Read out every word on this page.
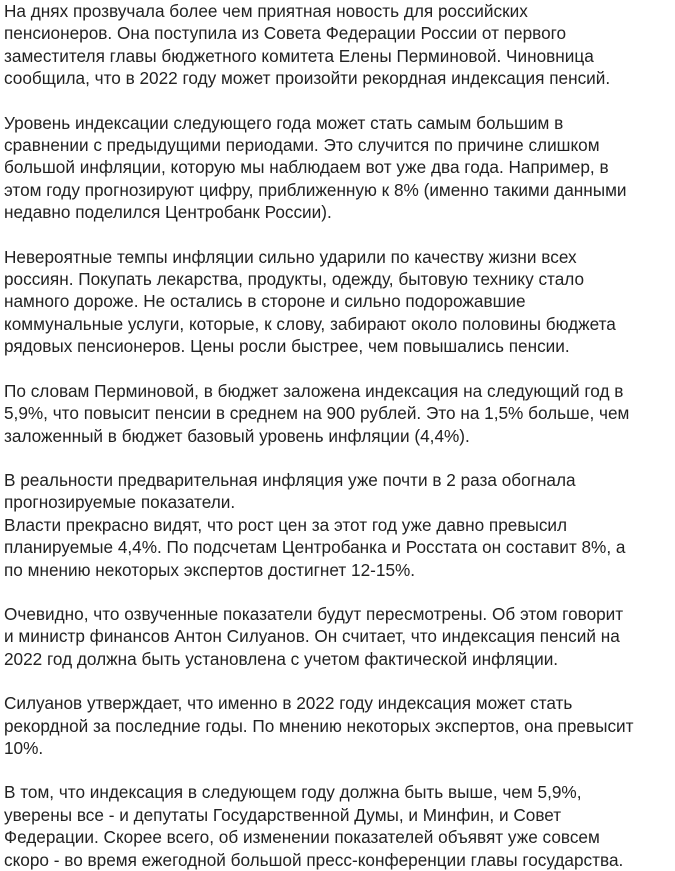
На днях прозвучала более чем приятная новость для российских
пенсионеров. Она поступила из Совета Федерации России от первого
заместителя главы бюджетного комитета Елены Перминовой. Чиновница
сообщила, что в 2022 году может произойти рекордная индексация пенсий.

Уровень индексации следующего года может стать самым большим в
сравнении с предыдущими периодами. Это случится по причине слишком
большой инфляции, которую мы наблюдаем вот уже два года. Например, в
этом году прогнозируют цифру, приближенную к 8% (именно такими данными
недавно поделился Центробанк России).

Невероятные темпы инфляции сильно ударили по качеству жизни всех
россиян. Покупать лекарства, продукты, одежду, бытовую технику стало
намного дороже. Не остались в стороне и сильно подорожавшие
коммунальные услуги, которые, к слову, забирают около половины бюджета
рядовых пенсионеров. Цены росли быстрее, чем повышались пенсии.

По словам Перминовой, в бюджет заложена индексация на следующий год в
5,9%, что повысит пенсии в среднем на 900 рублей. Это на 1,5% больше, чем
заложенный в бюджет базовый уровень инфляции (4,4%).

В реальности предварительная инфляция уже почти в 2 раза обогнала
прогнозируемые показатели.
Власти прекрасно видят, что рост цен за этот год уже давно превысил
планируемые 4,4%. По подсчетам Центробанка и Росстата он составит 8%, а
по мнению некоторых экспертов достигнет 12-15%.

Очевидно, что озвученные показатели будут пересмотрены. Об этом говорит
и министр финансов Антон Силуанов. Он считает, что индексация пенсий на
2022 год должна быть установлена с учетом фактической инфляции.

Силуанов утверждает, что именно в 2022 году индексация может стать
рекордной за последние годы. По мнению некоторых экспертов, она превысит
10%.

В том, что индексация в следующем году должна быть выше, чем 5,9%,
уверены все - и депутаты Государственной Думы, и Минфин, и Совет
Федерации. Скорее всего, об изменении показателей объявят уже совсем
скоро - во время ежегодной большой пресс-конференции главы государства.
